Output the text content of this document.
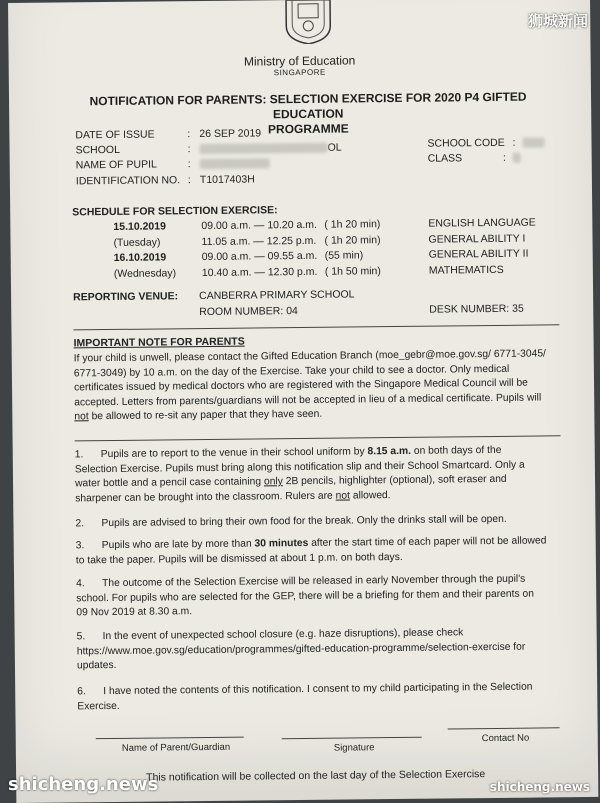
Ministry of Education
SINGAPORE
NOTIFICATION FOR PARENTS: SELECTION EXERCISE FOR 2020 P4 GIFTED EDUCATION
PROGRAMME
DATE OF ISSUE	: 26 SEP 2019
SCHOOL	:	OL
NAME OF PUPIL	:
IDENTIFICATION NO. : T1017403H
SCHOOL CODE :
CLASS	:
SCHEDULE FOR SELECTION EXERCISE:
15.10.2019	09.00 a.m. — 10.20 a.m. ( 1h 20 min)	ENGLISH LANGUAGE
(Tuesday)	11.05 a.m. — 12.25 p.m. ( 1h 20 min)	GENERAL ABILITY I
16.10.2019	09.00 a.m. — 09.55 a.m. (55 min)	GENERAL ABILITY II
(Wednesday) 10.40 a.m. — 12.30 p.m. ( 1h 50 min)	MATHEMATICS
REPORTING VENUE: CANBERRA PRIMARY SCHOOL
ROOM NUMBER: 04	DESK NUMBER: 35
IMPORTANT NOTE FOR PARENTS
If your child is unwell, please contact the Gifted Education Branch (moe_gebr@moe.gov.sg/ 6771-3045/
6771-3049) by 10 a.m. on the day of the Exercise. Take your child to see a doctor. Only medical
certificates issued by medical doctors who are registered with the Singapore Medical Council will be
accepted. Letters from parents/guardians will not be accepted in lieu of a medical certificate. Pupils will
not be allowed to re-sit any paper that they have seen.
1. Pupils are to report to the venue in their school uniform by 8.15 a.m. on both days of the
Selection Exercise. Pupils must bring along this notification slip and their School Smartcard. Only a
water bottle and a pencil case containing only 2B pencils, highlighter (optional), soft eraser and
sharpener can be brought into the classroom. Rulers are not allowed.
2. Pupils are advised to bring their own food for the break. Only the drinks stall will be open.
3. Pupils who are late by more than 30 minutes after the start time of each paper will not be allowed
to take the paper. Pupils will be dismissed at about 1 p.m. on both days.
4. The outcome of the Selection Exercise will be released in early November through the pupil's
school. For pupils who are selected for the GEP, there will be a briefing for them and their parents on
09 Nov 2019 at 8.30 a.m.
5. In the event of unexpected school closure (e.g. haze disruptions), please check
https://www.moe.gov.sg/education/programmes/gifted-education-programme/selection-exercise for
updates.
6. I have noted the contents of this notification. I consent to my child participating in the Selection
Exercise.
Name of Parent/Guardian	Signature
Contact No
This notification will be collected on the last day of the Selection Exercise
狮城新闻
shicheng.news	shicheng.news
